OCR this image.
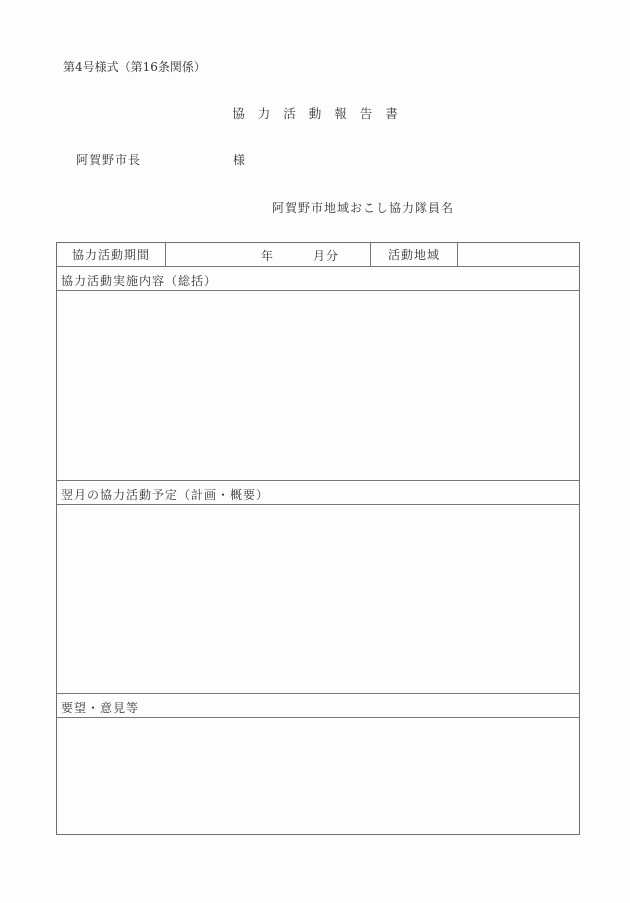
第4号様式（第16条関係）
協 力 活 動 報 告 書
阿賀野市長	様
阿賀野市地域おこし協力隊員名
協力活動期間	年	月分	活動地域
協力活動実施内容（総括）
翌月の協力活動予定（計画・概要）
要望・意見等
